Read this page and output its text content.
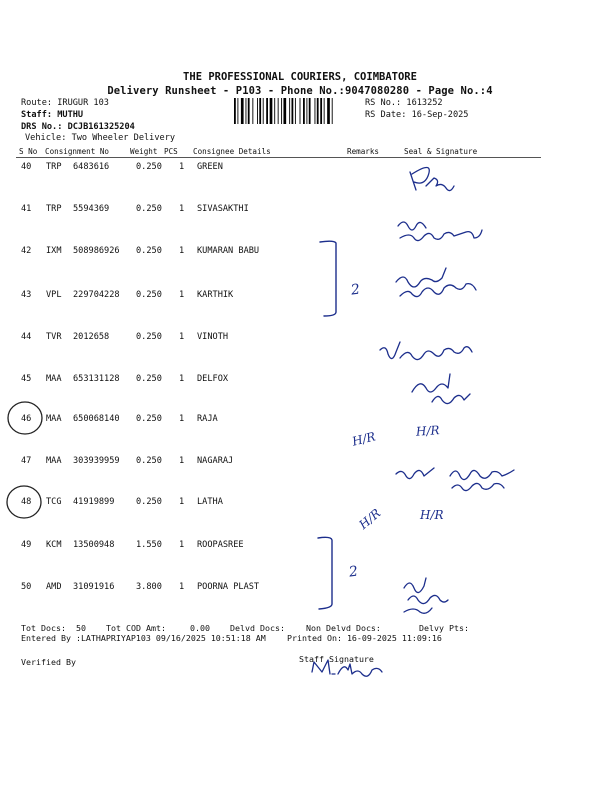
THE PROFESSIONAL COURIERS, COIMBATORE
Delivery Runsheet - P103 - Phone No.:9047080280 - Page No.:4
Route: IRUGUR 103
Staff: MUTHU
DRS No.: DCJB161325204
Vehicle: Two Wheeler Delivery
RS No.: 1613252
RS Date: 16-Sep-2025
S No Consignment No	Weight PCS Consignee Details	Remarks	Seal & Signature
40 TRP 6483616	0.250 1 GREEN
41 TRP 5594369	0.250 1 SIVASAKTHI
42 IXM 508986926 0.250 1 KUMARAN BABU
43 VPL 229704228 0.250 1 KARTHIK
44 TVR 2012658	0.250 1 VINOTH
45 MAA 653131128 0.250 1 DELFOX
46 MAA 650068140 0.250 1 RAJA
47 MAA 303939959 0.250 1 NAGARAJ
48 TCG 41919899	0.250 1 LATHA
49 KCM 13500948	1.550 1 ROOPASREE
50 AMD 31091916	3.800 1 POORNA PLAST
2
2
H/R	H/R
H/R	H/R
Tot Docs: 50 Tot COD Amt:	0.00 Delvd Docs:	Non Delvd Docs:	Delvy Pts:
Entered By :LATHAPRIYAP103 09/16/2025 10:51:18 AM	Printed On: 16-09-2025 11:09:16
Verified By	Staff Signature
